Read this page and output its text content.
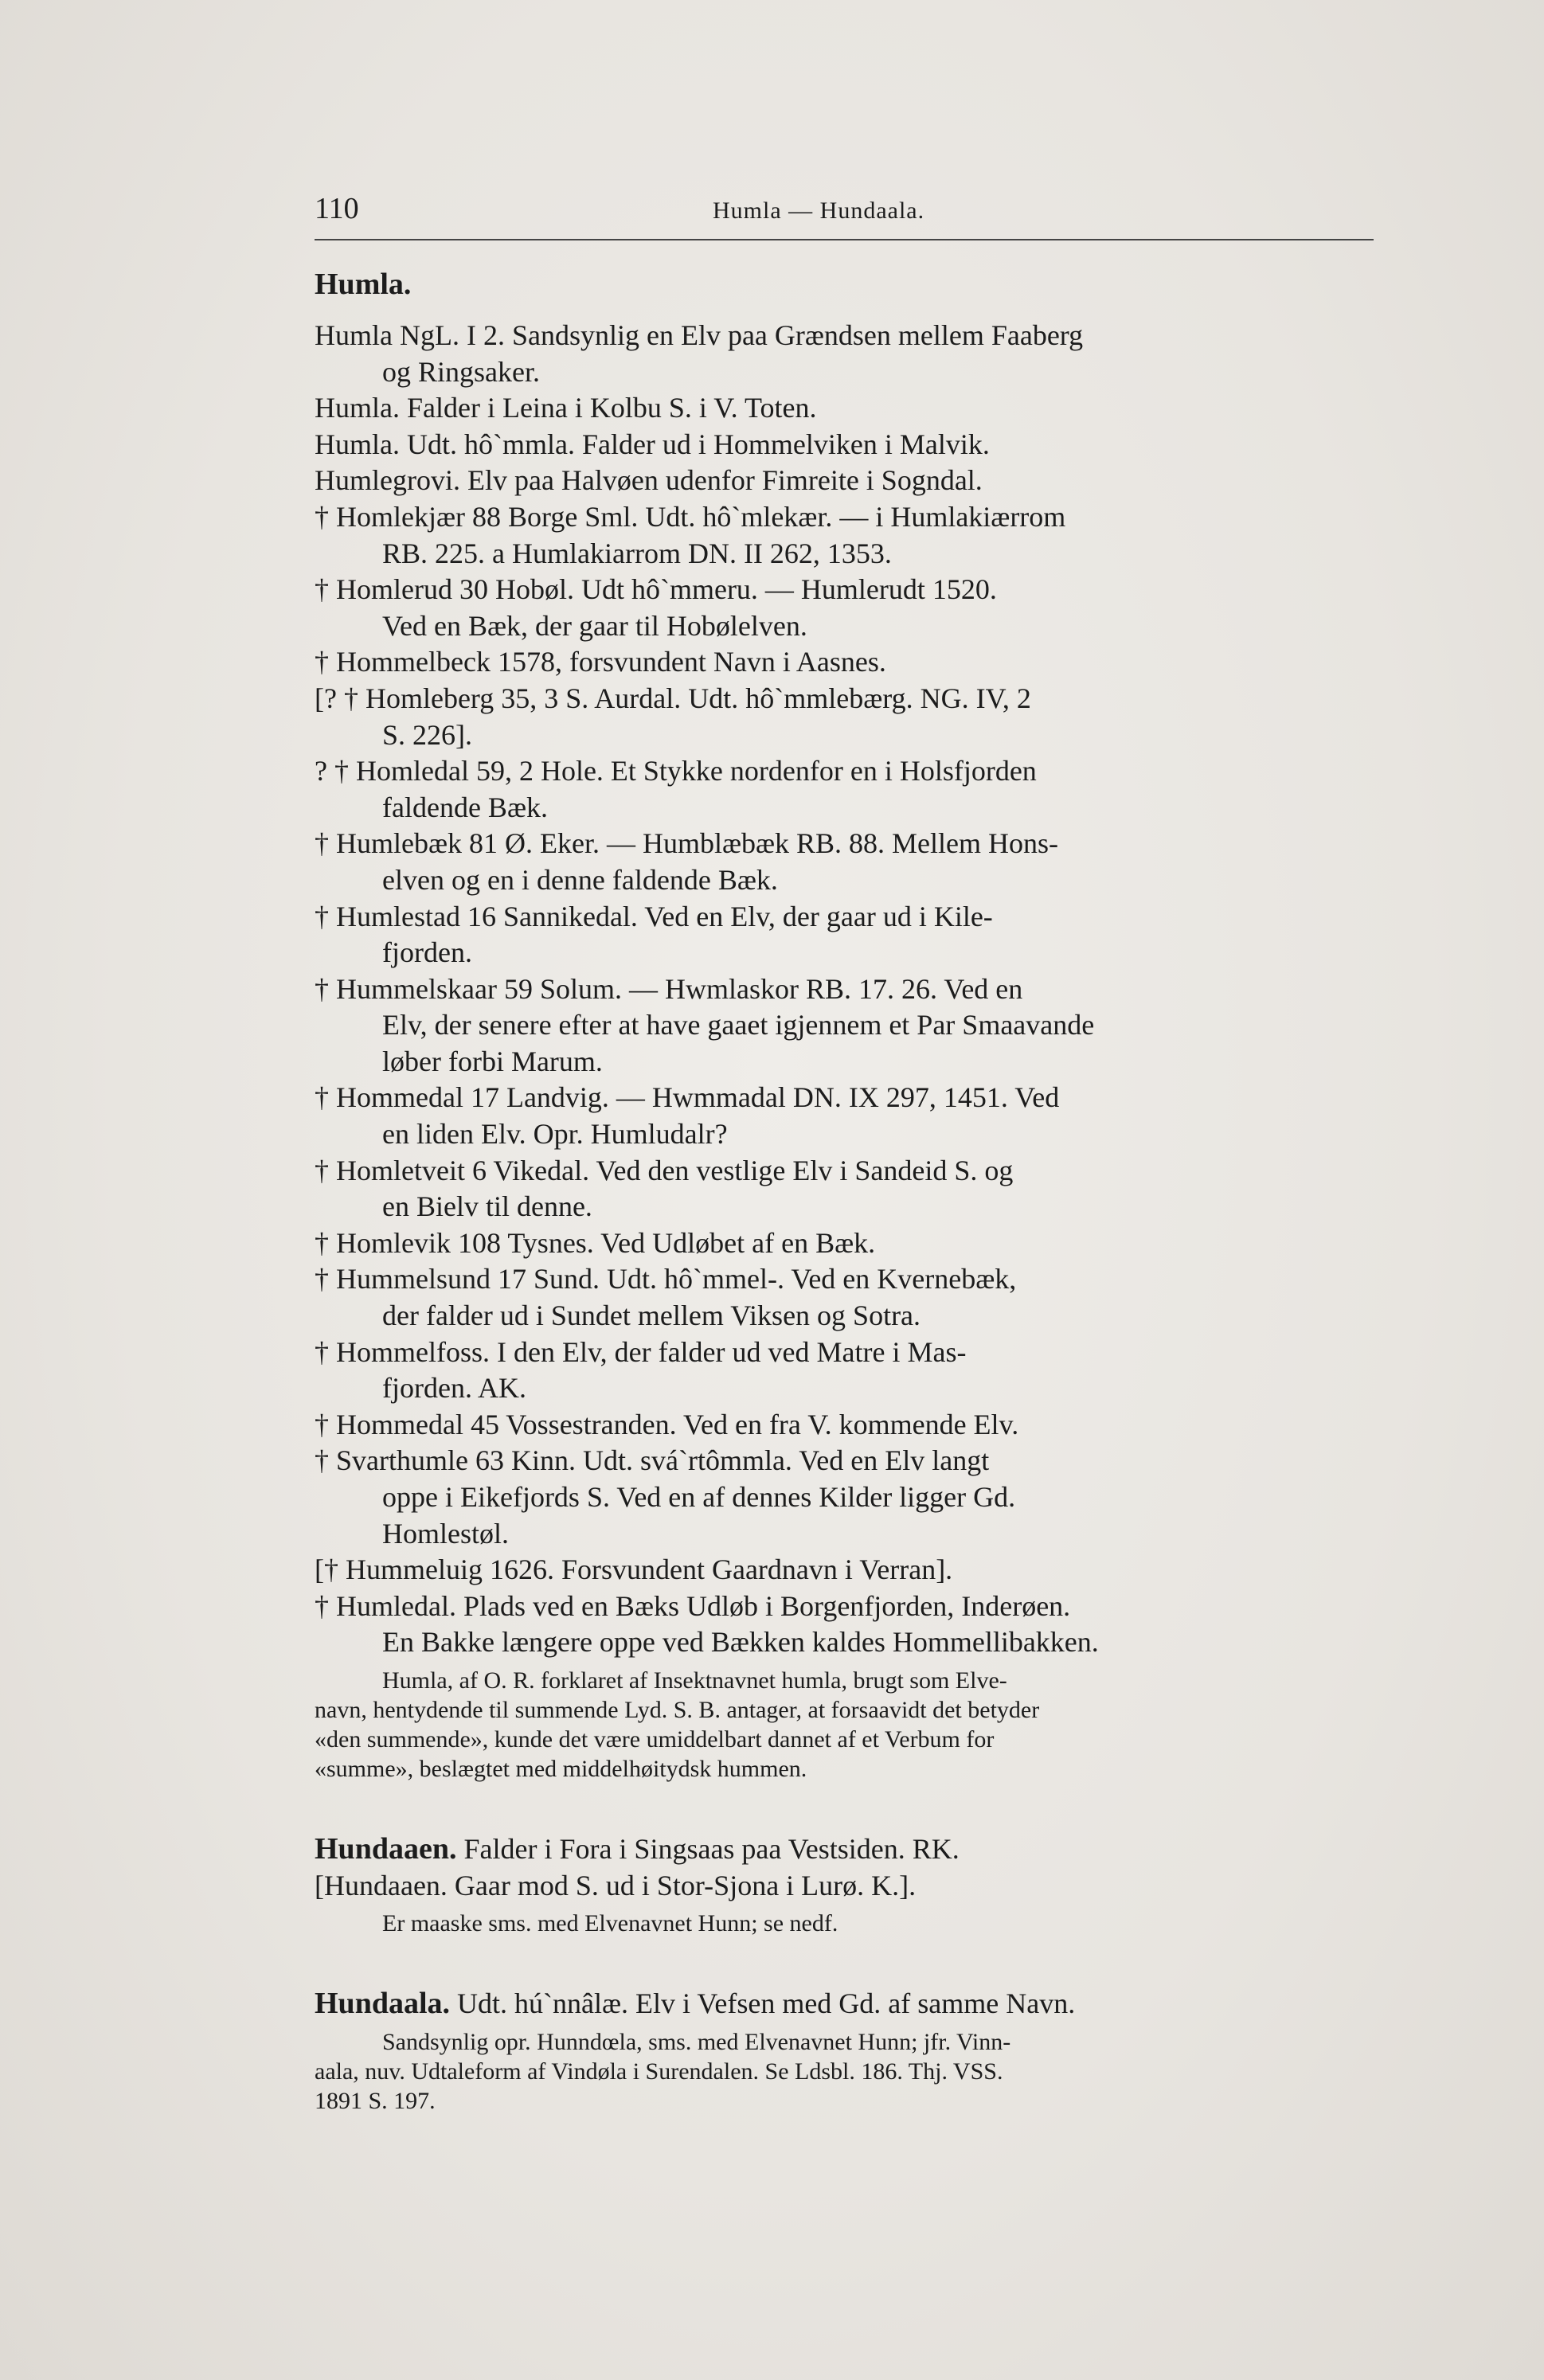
110	Humla — Hundaala.
Humla.
Humla NgL. I 2. Sandsynlig en Elv paa Grændsen mellem Faaberg
og Ringsaker.
Humla. Falder i Leina i Kolbu S. i V. Toten.
Humla. Udt. hô`mmla. Falder ud i Hommelviken i Malvik.
Humlegrovi. Elv paa Halvøen udenfor Fimreite i Sogndal.
† Homlekjær 88 Borge Sml. Udt. hô`mlekær. — i Humlakiærrom
RB. 225. a Humlakiarrom DN. II 262, 1353.
† Homlerud 30 Hobøl. Udt hô`mmeru. — Humlerudt 1520.
Ved en Bæk, der gaar til Hobølelven.
† Hommelbeck 1578, forsvundent Navn i Aasnes.
[? † Homleberg 35, 3 S. Aurdal. Udt. hô`mmlebærg. NG. IV, 2
S. 226].
? † Homledal 59, 2 Hole. Et Stykke nordenfor en i Holsfjorden
faldende Bæk.
† Humlebæk 81 Ø. Eker. — Humblæbæk RB. 88. Mellem Hons-
elven og en i denne faldende Bæk.
† Humlestad 16 Sannikedal. Ved en Elv, der gaar ud i Kile-
fjorden.
† Hummelskaar 59 Solum. — Hwmlaskor RB. 17. 26. Ved en
Elv, der senere efter at have gaaet igjennem et Par Smaavande
løber forbi Marum.
† Hommedal 17 Landvig. — Hwmmadal DN. IX 297, 1451. Ved
en liden Elv. Opr. Humludalr?
† Homletveit 6 Vikedal. Ved den vestlige Elv i Sandeid S. og
en Bielv til denne.
† Homlevik 108 Tysnes. Ved Udløbet af en Bæk.
† Hummelsund 17 Sund. Udt. hô`mmel-. Ved en Kvernebæk,
der falder ud i Sundet mellem Viksen og Sotra.
† Hommelfoss. I den Elv, der falder ud ved Matre i Mas-
fjorden. AK.
† Hommedal 45 Vossestranden. Ved en fra V. kommende Elv.
† Svarthumle 63 Kinn. Udt. svá`rtômmla. Ved en Elv langt
oppe i Eikefjords S. Ved en af dennes Kilder ligger Gd.
Homlestøl.
[† Hummeluig 1626. Forsvundent Gaardnavn i Verran].
† Humledal. Plads ved en Bæks Udløb i Borgenfjorden, Inderøen.
En Bakke længere oppe ved Bækken kaldes Hommellibakken.
Humla, af O. R. forklaret af Insektnavnet humla, brugt som Elve-
navn, hentydende til summende Lyd. S. B. antager, at forsaavidt det betyder
«den summende», kunde det være umiddelbart dannet af et Verbum for
«summe», beslægtet med middelhøitydsk hummen.
Hundaaen. Falder i Fora i Singsaas paa Vestsiden. RK.
[Hundaaen. Gaar mod S. ud i Stor-Sjona i Lurø. K.].
Er maaske sms. med Elvenavnet Hunn; se nedf.
Hundaala. Udt. hú`nnâlæ. Elv i Vefsen med Gd. af samme Navn.
Sandsynlig opr. Hunndœla, sms. med Elvenavnet Hunn; jfr. Vinn-
aala, nuv. Udtaleform af Vindøla i Surendalen. Se Ldsbl. 186. Thj. VSS.
1891 S. 197.
